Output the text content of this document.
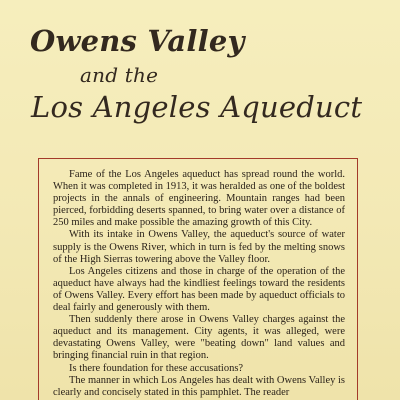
Owens Valley
and the
Los Angeles Aqueduct

Fame of the Los Angeles aqueduct has spread round the world. When it was completed in 1913, it was heralded as one of the boldest projects in the annals of engineering. Mountain ranges had been pierced, forbidding deserts spanned, to bring water over a distance of 250 miles and make possible the amazing growth of this City.

With its intake in Owens Valley, the aqueduct's source of water supply is the Owens River, which in turn is fed by the melting snows of the High Sierras towering above the Valley floor.

Los Angeles citizens and those in charge of the operation of the aqueduct have always had the kindliest feelings toward the residents of Owens Valley. Every effort has been made by aqueduct officials to deal fairly and generously with them.

Then suddenly there arose in Owens Valley charges against the aqueduct and its management. City agents, it was alleged, were devastating Owens Valley, were "beating down" land values and bringing financial ruin in that region.

Is there foundation for these accusations?

The manner in which Los Angeles has dealt with Owens Valley is clearly and concisely stated in this pamphlet. The reader
